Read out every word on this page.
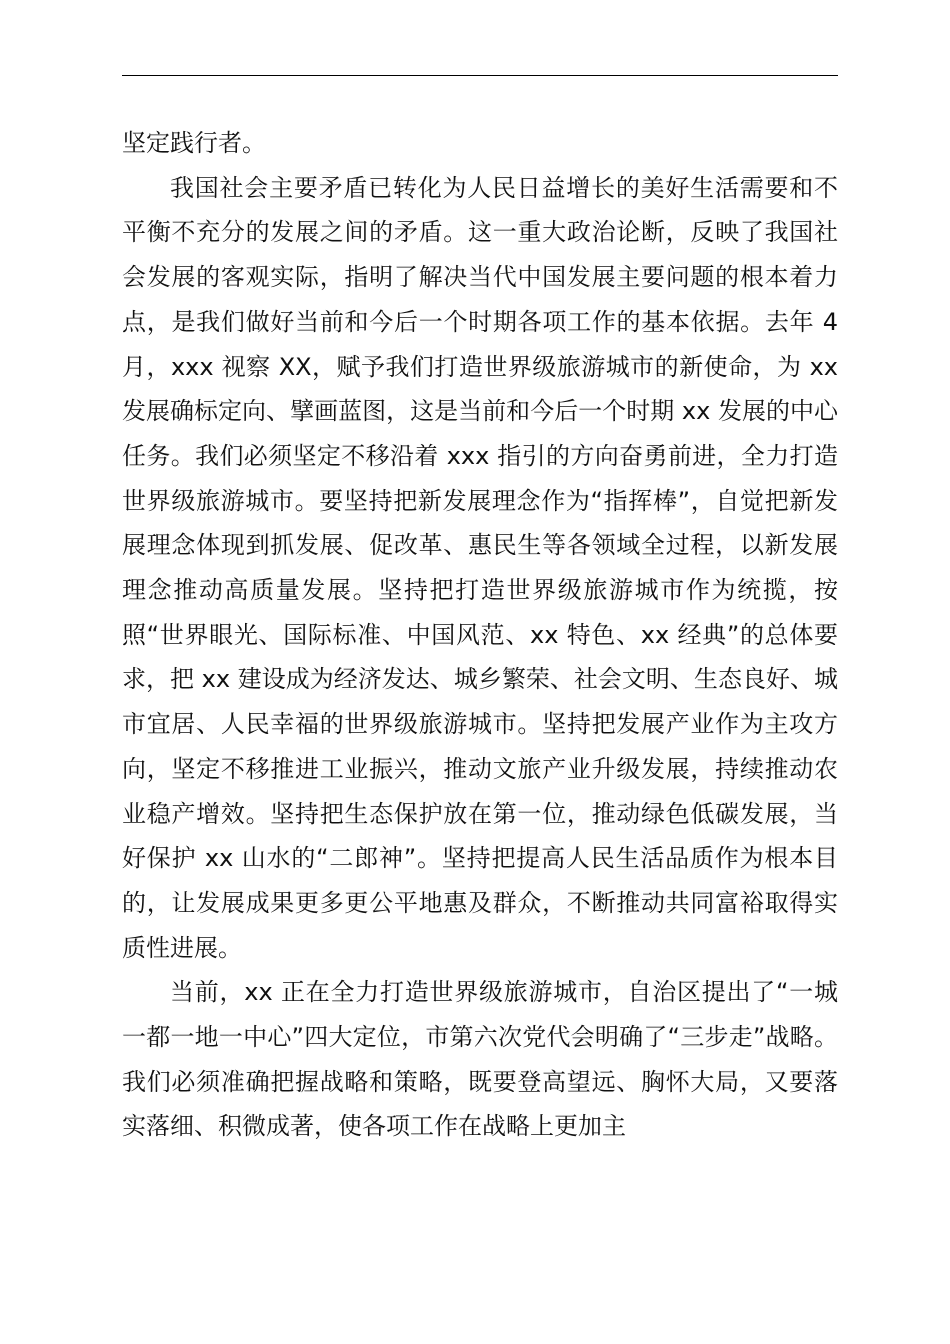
坚定践行者。

我国社会主要矛盾已转化为人民日益增长的美好生活需要和不平衡不充分的发展之间的矛盾。这一重大政治论断，反映了我国社会发展的客观实际，指明了解决当代中国发展主要问题的根本着力点，是我们做好当前和今后一个时期各项工作的基本依据。去年 4 月，xxx 视察 XX，赋予我们打造世界级旅游城市的新使命，为 xx 发展确标定向、擘画蓝图，这是当前和今后一个时期 xx 发展的中心任务。我们必须坚定不移沿着 xxx 指引的方向奋勇前进，全力打造世界级旅游城市。要坚持把新发展理念作为“指挥棒”，自觉把新发展理念体现到抓发展、促改革、惠民生等各领域全过程，以新发展理念推动高质量发展。坚持把打造世界级旅游城市作为统揽，按照“世界眼光、国际标准、中国风范、xx 特色、xx 经典”的总体要求，把 xx 建设成为经济发达、城乡繁荣、社会文明、生态良好、城市宜居、人民幸福的世界级旅游城市。坚持把发展产业作为主攻方向，坚定不移推进工业振兴，推动文旅产业升级发展，持续推动农业稳产增效。坚持把生态保护放在第一位，推动绿色低碳发展，当好保护 xx 山水的“二郎神”。坚持把提高人民生活品质作为根本目的，让发展成果更多更公平地惠及群众，不断推动共同富裕取得实质性进展。

当前，xx 正在全力打造世界级旅游城市，自治区提出了“一城一都一地一中心”四大定位，市第六次党代会明确了“三步走”战略。我们必须准确把握战略和策略，既要登高望远、胸怀大局，又要落实落细、积微成著，使各项工作在战略上更加主
